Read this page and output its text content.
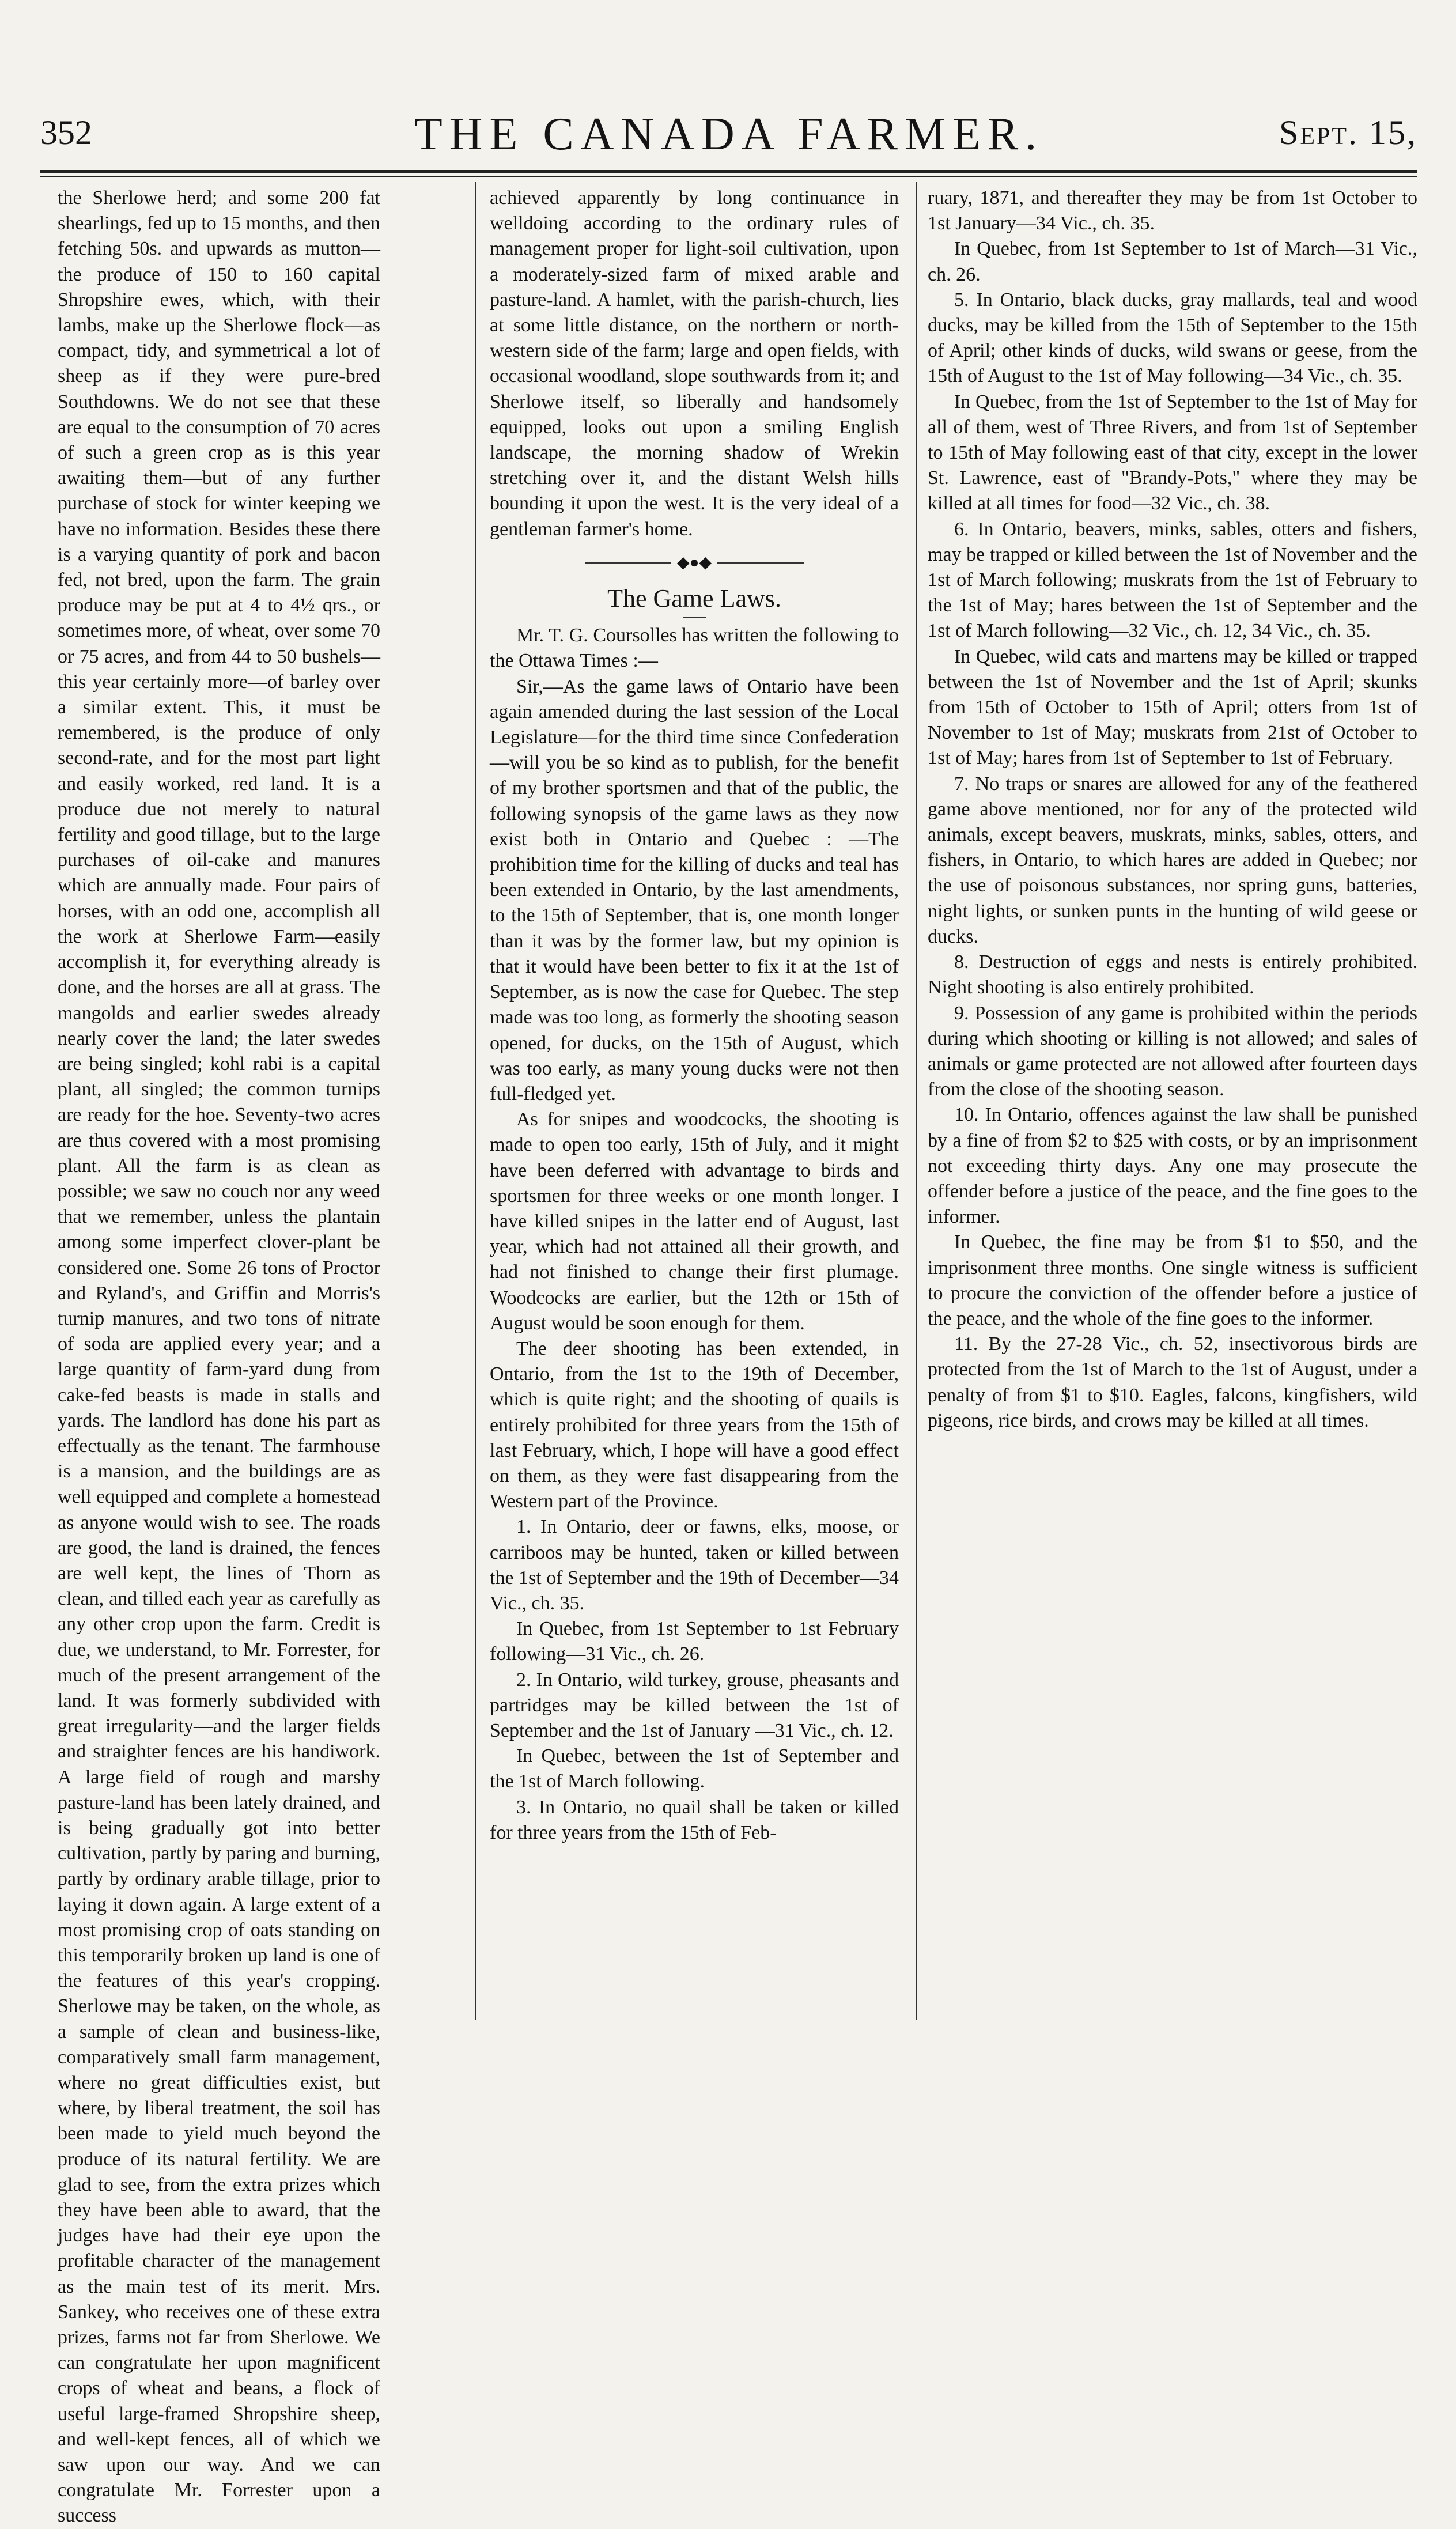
352	THE CANADA FARMER.	Sept. 15,

the Sherlowe herd; and some 200 fat shearlings, fed up to 15 months, and then fetching 50s. and upwards as mutton—the produce of 150 to 160 capital Shropshire ewes, which, with their lambs, make up the Sherlowe flock—as compact, tidy, and symmetrical a lot of sheep as if they were pure-bred Southdowns. We do not see that these are equal to the consumption of 70 acres of such a green crop as is this year awaiting them—but of any further purchase of stock for winter keeping we have no information. Besides these there is a varying quantity of pork and bacon fed, not bred, upon the farm. The grain produce may be put at 4 to 4½ qrs., or sometimes more, of wheat, over some 70 or 75 acres, and from 44 to 50 bushels—this year certainly more—of barley over a similar extent. This, it must be remembered, is the produce of only second-rate, and for the most part light and easily worked, red land. It is a produce due not merely to natural fertility and good tillage, but to the large purchases of oil-cake and manures which are annually made. Four pairs of horses, with an odd one, accomplish all the work at Sherlowe Farm—easily accomplish it, for everything already is done, and the horses are all at grass. The mangolds and earlier swedes already nearly cover the land; the later swedes are being singled; kohl rabi is a capital plant, all singled; the common turnips are ready for the hoe. Seventy-two acres are thus covered with a most promising plant. All the farm is as clean as possible; we saw no couch nor any weed that we remember, unless the plantain among some imperfect clover-plant be considered one. Some 26 tons of Proctor and Ryland's, and Griffin and Morris's turnip manures, and two tons of nitrate of soda are applied every year; and a large quantity of farm-yard dung from cake-fed beasts is made in stalls and yards. The landlord has done his part as effectually as the tenant. The farmhouse is a mansion, and the buildings are as well equipped and complete a homestead as anyone would wish to see. The roads are good, the land is drained, the fences are well kept, the lines of Thorn as clean, and tilled each year as carefully as any other crop upon the farm. Credit is due, we understand, to Mr. Forrester, for much of the present arrangement of the land. It was formerly subdivided with great irregularity—and the larger fields and straighter fences are his handiwork. A large field of rough and marshy pasture-land has been lately drained, and is being gradually got into better cultivation, partly by paring and burning, partly by ordinary arable tillage, prior to laying it down again. A large extent of a most promising crop of oats standing on this temporarily broken up land is one of the features of this year's cropping. Sherlowe may be taken, on the whole, as a sample of clean and business-like, comparatively small farm management, where no great difficulties exist, but where, by liberal treatment, the soil has been made to yield much beyond the produce of its natural fertility. We are glad to see, from the extra prizes which they have been able to award, that the judges have had their eye upon the profitable character of the management as the main test of its merit. Mrs. Sankey, who receives one of these extra prizes, farms not far from Sherlowe. We can congratulate her upon magnificent crops of wheat and beans, a flock of useful large-framed Shropshire sheep, and well-kept fences, all of which we saw upon our way. And we can congratulate Mr. Forrester upon a success

achieved apparently by long continuance in welldoing according to the ordinary rules of management proper for light-soil cultivation, upon a moderately-sized farm of mixed arable and pasture-land. A hamlet, with the parish-church, lies at some little distance, on the northern or north-western side of the farm; large and open fields, with occasional woodland, slope southwards from it; and Sherlowe itself, so liberally and handsomely equipped, looks out upon a smiling English landscape, the morning shadow of Wrekin stretching over it, and the distant Welsh hills bounding it upon the west. It is the very ideal of a gentleman farmer's home.

◆●◆
The Game Laws.

Mr. T. G. Coursolles has written the following to the Ottawa Times :—

Sir,—As the game laws of Ontario have been again amended during the last session of the Local Legislature—for the third time since Confederation—will you be so kind as to publish, for the benefit of my brother sportsmen and that of the public, the following synopsis of the game laws as they now exist both in Ontario and Quebec : —The prohibition time for the killing of ducks and teal has been extended in Ontario, by the last amendments, to the 15th of September, that is, one month longer than it was by the former law, but my opinion is that it would have been better to fix it at the 1st of September, as is now the case for Quebec. The step made was too long, as formerly the shooting season opened, for ducks, on the 15th of August, which was too early, as many young ducks were not then full-fledged yet.

As for snipes and woodcocks, the shooting is made to open too early, 15th of July, and it might have been deferred with advantage to birds and sportsmen for three weeks or one month longer. I have killed snipes in the latter end of August, last year, which had not attained all their growth, and had not finished to change their first plumage. Woodcocks are earlier, but the 12th or 15th of August would be soon enough for them.

The deer shooting has been extended, in Ontario, from the 1st to the 19th of December, which is quite right; and the shooting of quails is entirely prohibited for three years from the 15th of last February, which, I hope will have a good effect on them, as they were fast disappearing from the Western part of the Province.

1. In Ontario, deer or fawns, elks, moose, or carriboos may be hunted, taken or killed between the 1st of September and the 19th of December—34 Vic., ch. 35.

In Quebec, from 1st September to 1st February following—31 Vic., ch. 26.

2. In Ontario, wild turkey, grouse, pheasants and partridges may be killed between the 1st of September and the 1st of January —31 Vic., ch. 12.

In Quebec, between the 1st of September and the 1st of March following.

3. In Ontario, no quail shall be taken or killed for three years from the 15th of Feb-

ruary, 1871, and thereafter they may be from 1st October to 1st January—34 Vic., ch. 35.

In Quebec, from 1st September to 1st of March—31 Vic., ch. 26.

5. In Ontario, black ducks, gray mallards, teal and wood ducks, may be killed from the 15th of September to the 15th of April; other kinds of ducks, wild swans or geese, from the 15th of August to the 1st of May following—34 Vic., ch. 35.

In Quebec, from the 1st of September to the 1st of May for all of them, west of Three Rivers, and from 1st of September to 15th of May following east of that city, except in the lower St. Lawrence, east of "Brandy-Pots," where they may be killed at all times for food—32 Vic., ch. 38.

6. In Ontario, beavers, minks, sables, otters and fishers, may be trapped or killed between the 1st of November and the 1st of March following; muskrats from the 1st of February to the 1st of May; hares between the 1st of September and the 1st of March following—32 Vic., ch. 12, 34 Vic., ch. 35.

In Quebec, wild cats and martens may be killed or trapped between the 1st of November and the 1st of April; skunks from 15th of October to 15th of April; otters from 1st of November to 1st of May; muskrats from 21st of October to 1st of May; hares from 1st of September to 1st of February.

7. No traps or snares are allowed for any of the feathered game above mentioned, nor for any of the protected wild animals, except beavers, muskrats, minks, sables, otters, and fishers, in Ontario, to which hares are added in Quebec; nor the use of poisonous substances, nor spring guns, batteries, night lights, or sunken punts in the hunting of wild geese or ducks.

8. Destruction of eggs and nests is entirely prohibited. Night shooting is also entirely prohibited.

9. Possession of any game is prohibited within the periods during which shooting or killing is not allowed; and sales of animals or game protected are not allowed after fourteen days from the close of the shooting season.

10. In Ontario, offences against the law shall be punished by a fine of from $2 to $25 with costs, or by an imprisonment not exceeding thirty days. Any one may prosecute the offender before a justice of the peace, and the fine goes to the informer.

In Quebec, the fine may be from $1 to $50, and the imprisonment three months. One single witness is sufficient to procure the conviction of the offender before a justice of the peace, and the whole of the fine goes to the informer.

11. By the 27-28 Vic., ch. 52, insectivorous birds are protected from the 1st of March to the 1st of August, under a penalty of from $1 to $10. Eagles, falcons, kingfishers, wild pigeons, rice birds, and crows may be killed at all times.
